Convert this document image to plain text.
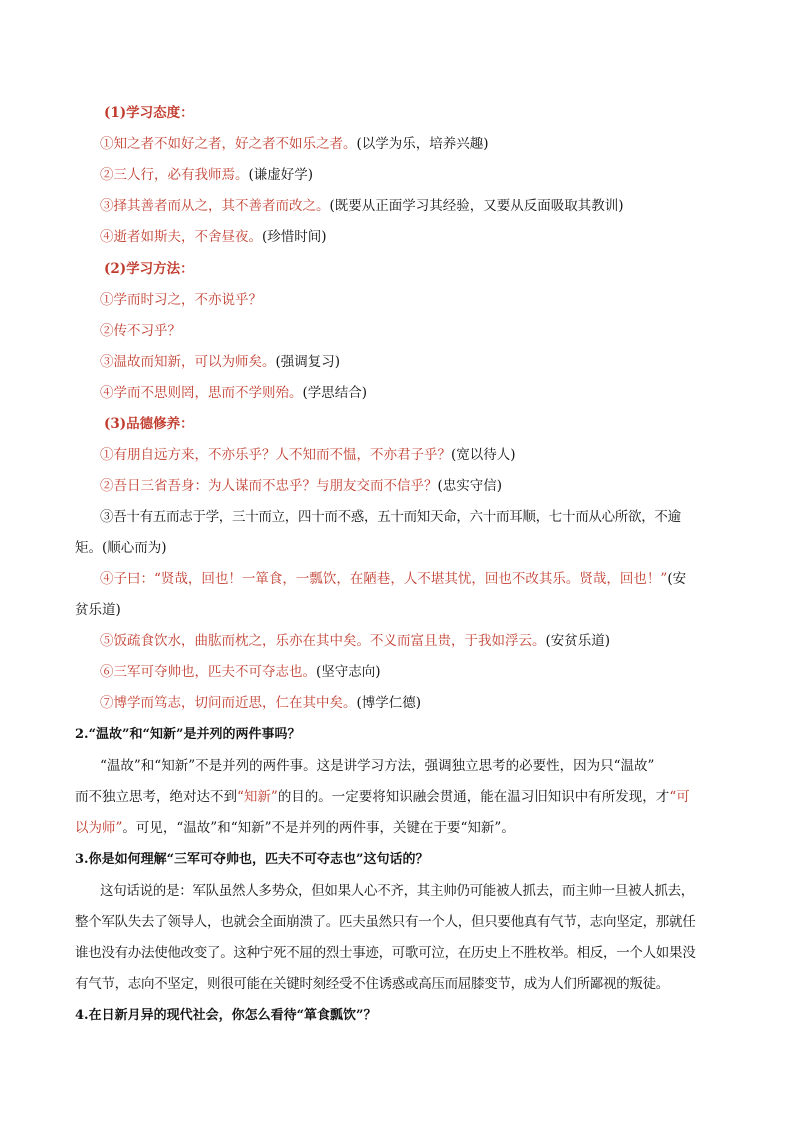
(1)学习态度：
①知之者不如好之者，好之者不如乐之者。(以学为乐，培养兴趣)
②三人行，必有我师焉。(谦虚好学)
③择其善者而从之，其不善者而改之。(既要从正面学习其经验，又要从反面吸取其教训)
④逝者如斯夫，不舍昼夜。(珍惜时间)
(2)学习方法：
①学而时习之，不亦说乎？
②传不习乎？
③温故而知新，可以为师矣。(强调复习)
④学而不思则罔，思而不学则殆。(学思结合)
(3)品德修养：
①有朋自远方来，不亦乐乎？人不知而不愠，不亦君子乎？(宽以待人)
②吾日三省吾身：为人谋而不忠乎？与朋友交而不信乎？(忠实守信)
③吾十有五而志于学，三十而立，四十而不惑，五十而知天命，六十而耳顺，七十而从心所欲，不逾
矩。(顺心而为)
④子曰：“贤哉，回也！一箪食，一瓢饮，在陋巷，人不堪其忧，回也不改其乐。贤哉，回也！”(安
贫乐道)
⑤饭疏食饮水，曲肱而枕之，乐亦在其中矣。不义而富且贵，于我如浮云。(安贫乐道)
⑥三军可夺帅也，匹夫不可夺志也。(坚守志向)
⑦博学而笃志，切问而近思，仁在其中矣。(博学仁德)
2.“温故”和“知新”是并列的两件事吗？
“温故”和“知新”不是并列的两件事。这是讲学习方法，强调独立思考的必要性，因为只“温故”
而不独立思考，绝对达不到“知新”的目的。一定要将知识融会贯通，能在温习旧知识中有所发现，才“可
以为师”。可见，“温故”和“知新”不是并列的两件事，关键在于要“知新”。
3.你是如何理解“三军可夺帅也，匹夫不可夺志也”这句话的？
这句话说的是：军队虽然人多势众，但如果人心不齐，其主帅仍可能被人抓去，而主帅一旦被人抓去，
整个军队失去了领导人，也就会全面崩溃了。匹夫虽然只有一个人，但只要他真有气节，志向坚定，那就任
谁也没有办法使他改变了。这种宁死不屈的烈士事迹，可歌可泣，在历史上不胜枚举。相反，一个人如果没
有气节，志向不坚定，则很可能在关键时刻经受不住诱惑或高压而屈膝变节，成为人们所鄙视的叛徒。
4.在日新月异的现代社会，你怎么看待“箪食瓢饮”？
